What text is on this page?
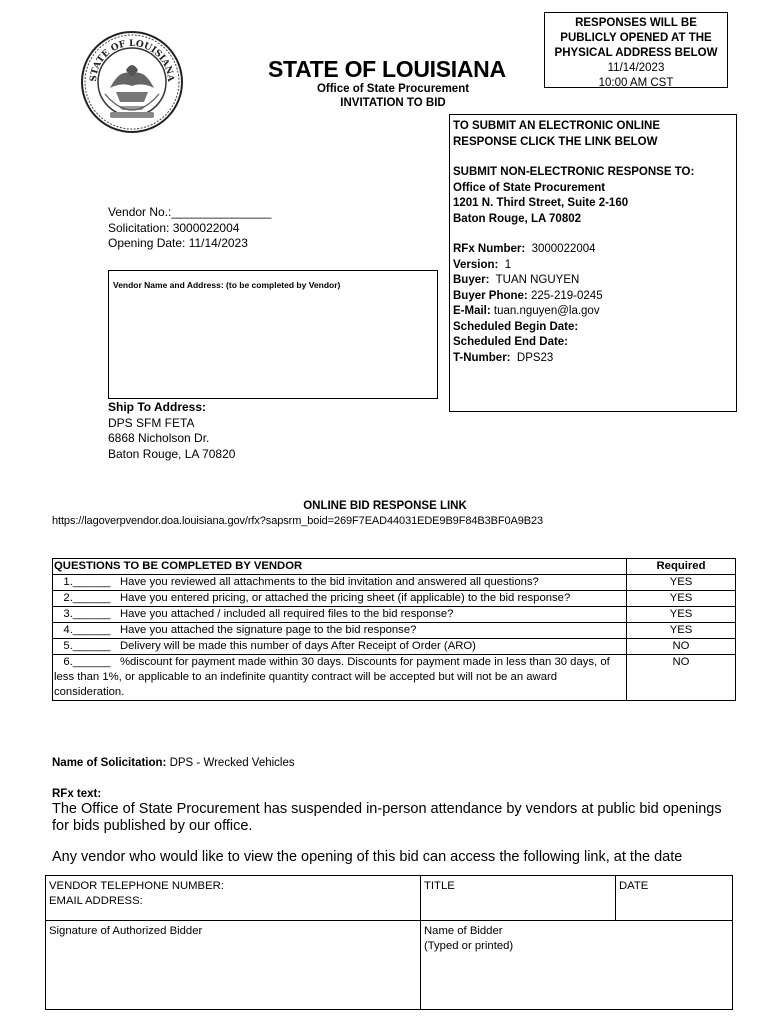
STATE OF LOUISIANA	STATE OF LOUISIANA
Office of State Procurement
INVITATION TO BID
RESPONSES WILL BE
PUBLICLY OPENED AT THE
PHYSICAL ADDRESS BELOW
11/14/2023
10:00 AM CST
TO SUBMIT AN ELECTRONIC ONLINE
RESPONSE CLICK THE LINK BELOW
SUBMIT NON-ELECTRONIC RESPONSE TO:
Office of State Procurement
1201 N. Third Street, Suite 2-160
Baton Rouge, LA 70802
RFx Number: 3000022004
Version: 1
Buyer: TUAN NGUYEN
Buyer Phone: 225-219-0245
E-Mail: tuan.nguyen@la.gov
Scheduled Begin Date:
Scheduled End Date:
T-Number: DPS23
Vendor No.:_______________
Solicitation: 3000022004
Opening Date: 11/14/2023
Vendor Name and Address: (to be completed by Vendor)
Ship To Address:
DPS SFM FETA
6868 Nicholson Dr.
Baton Rouge, LA 70820
ONLINE BID RESPONSE LINK
https://lagoverpvendor.doa.louisiana.gov/rfx?sapsrm_boid=269F7EAD44031EDE9B9F84B3BF0A9B23
QUESTIONS TO BE COMPLETED BY VENDOR	Required
1.______   Have you reviewed all attachments to the bid invitation and answered all questions?	YES
2.______   Have you entered pricing, or attached the pricing sheet (if applicable) to the bid response?	YES
3.______   Have you attached / included all required files to the bid response?	YES
4.______   Have you attached the signature page to the bid response?	YES
5.______   Delivery will be made this number of days After Receipt of Order (ARO)	NO
6.______   %discount for payment made within 30 days. Discounts for payment made in less than 30 days, of less than 1%, or applicable to an indefinite quantity contract will be accepted but will not be an award consideration.	NO
Name of Solicitation: DPS - Wrecked Vehicles
RFx text:

The Office of State Procurement has suspended in-person attendance by vendors at public bid openings for bids published by our office.

Any vendor who would like to view the opening of this bid can access the following link, at the date

VENDOR TELEPHONE NUMBER:
EMAIL ADDRESS:	TITLE	DATE

Signature of Authorized Bidder	Name of Bidder
(Typed or printed)	
